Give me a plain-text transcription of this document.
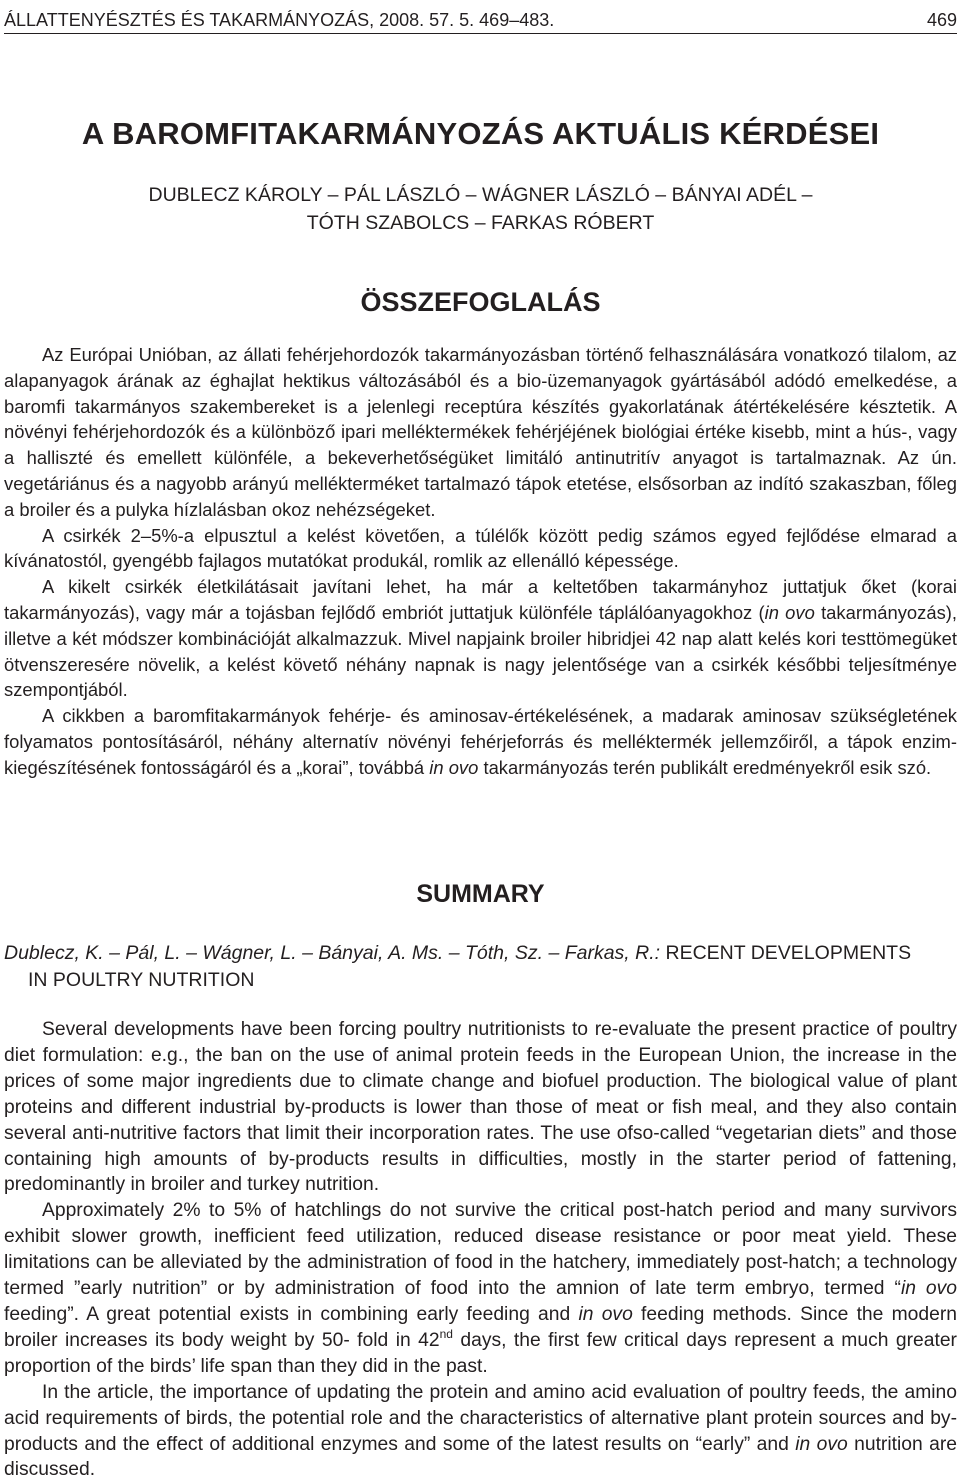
ÁLLATTENYÉSZTÉS ÉS TAKARMÁNYOZÁS, 2008. 57. 5. 469–483.	469
A BAROMFITAKARMÁNYOZÁS AKTUÁLIS KÉRDÉSEI
DUBLECZ KÁROLY – PÁL LÁSZLÓ – WÁGNER LÁSZLÓ – BÁNYAI ADÉL –
TÓTH SZABOLCS – FARKAS RÓBERT
ÖSSZEFOGLALÁS

Az Európai Unióban, az állati fehérjehordozók takarmányozásban történő felhasználására vonatkozó tilalom, az alapanyagok árának az éghajlat hektikus változásából és a bio-üzemanyagok gyártásából adódó emelkedése, a baromfi takarmányos szakembereket is a jelenlegi receptúra készítés gyakorlatának átértékelésére késztetik. A növényi fehérjehordozók és a különböző ipari melléktermékek fehérjéjének biológiai értéke kisebb, mint a hús-, vagy a halliszté és emellett különféle, a bekeverhetőségüket limitáló antinutritív anyagot is tartalmaznak. Az ún. vegetáriánus és a nagyobb arányú mellékterméket tartalmazó tápok etetése, elsősorban az indító szakaszban, főleg a broiler és a pulyka hízlalásban okoz nehézségeket.

A csirkék 2–5%-a elpusztul a kelést követően, a túlélők között pedig számos egyed fejlődése elmarad a kívánatostól, gyengébb fajlagos mutatókat produkál, romlik az ellenálló képessége.

A kikelt csirkék életkilátásait javítani lehet, ha már a keltetőben takarmányhoz juttatjuk őket (korai takarmányozás), vagy már a tojásban fejlődő embriót juttatjuk különféle táplálóanyagokhoz (in ovo takarmányozás), illetve a két módszer kombinációját alkalmazzuk. Mivel napjaink broiler hibridjei 42 nap alatt kelés kori testtömegüket ötvenszeresére növelik, a kelést követő néhány napnak is nagy jelentősége van a csirkék későbbi teljesítménye szempontjából.

A cikkben a baromfitakarmányok fehérje- és aminosav-értékelésének, a madarak aminosav szükségletének folyamatos pontosításáról, néhány alternatív növényi fehérjeforrás és melléktermék jellemzőiről, a tápok enzim-kiegészítésének fontosságáról és a „korai”, továbbá in ovo takarmányozás terén publikált eredményekről esik szó.

SUMMARY
Dublecz, K. – Pál, L. – Wágner, L. – Bányai, A. Ms. – Tóth, Sz. – Farkas, R.: RECENT DEVELOPMENTS
IN POULTRY NUTRITION

Several developments have been forcing poultry nutritionists to re-evaluate the present practice of poultry diet formulation: e.g., the ban on the use of animal protein feeds in the European Union, the increase in the prices of some major ingredients due to climate change and biofuel production. The biological value of plant proteins and different industrial by-products is lower than those of meat or fish meal, and they also contain several anti-nutritive factors that limit their incorporation rates. The use ofso-called “vegetarian diets” and those containing high amounts of by-products results in difficulties, mostly in the starter period of fattening, predominantly in broiler and turkey nutrition.

Approximately 2% to 5% of hatchlings do not survive the critical post-hatch period and many survivors exhibit slower growth, inefficient feed utilization, reduced disease resistance or poor meat yield. These limitations can be alleviated by the administration of food in the hatchery, immediately post-hatch; a technology termed ”early nutrition” or by administration of food into the amnion of late term embryo, termed “in ovo feeding”. A great potential exists in combining early feeding and in ovo feeding methods. Since the modern broiler increases its body weight by 50- fold in 42nd days, the first few critical days represent a much greater proportion of the birds’ life span than they did in the past.

In the article, the importance of updating the protein and amino acid evaluation of poultry feeds, the amino acid requirements of birds, the potential role and the characteristics of alternative plant protein sources and by-products and the effect of additional enzymes and some of the latest results on “early” and in ovo nutrition are discussed.
